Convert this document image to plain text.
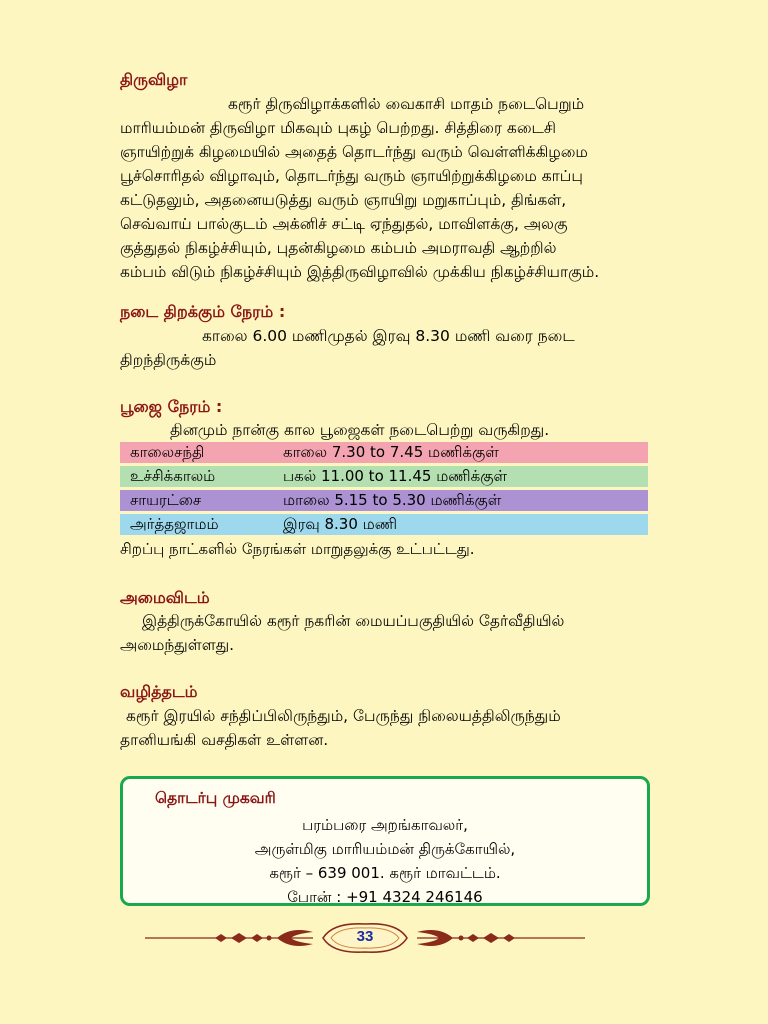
திருவிழா
கரூர் திருவிழாக்களில் வைகாசி மாதம் நடைபெறும்
மாரியம்மன் திருவிழா மிகவும் புகழ் பெற்றது. சித்திரை கடைசி
ஞாயிற்றுக் கிழமையில் அதைத் தொடர்ந்து வரும் வெள்ளிக்கிழமை
பூச்சொரிதல் விழாவும், தொடர்ந்து வரும் ஞாயிற்றுக்கிழமை காப்பு
கட்டுதலும், அதனையடுத்து வரும் ஞாயிறு மறுகாப்பும், திங்கள்,
செவ்வாய் பால்குடம் அக்னிச் சட்டி ஏந்துதல், மாவிளக்கு, அலகு
குத்துதல் நிகழ்ச்சியும், புதன்கிழமை கம்பம் அமராவதி ஆற்றில்
கம்பம் விடும் நிகழ்ச்சியும் இத்திருவிழாவில் முக்கிய நிகழ்ச்சியாகும்.
நடை திறக்கும் நேரம் :
காலை 6.00 மணிமுதல் இரவு 8.30 மணி வரை நடை
திறந்திருக்கும்
பூஜை நேரம் :
தினமும் நான்கு கால பூஜைகள் நடைபெற்று வருகிறது.
காலைசந்தி	காலை 7.30 to 7.45 மணிக்குள்
உச்சிக்காலம்	பகல் 11.00 to 11.45 மணிக்குள்
சாயரட்சை	மாலை 5.15 to 5.30 மணிக்குள்
அர்த்தஜாமம்	இரவு 8.30 மணி
சிறப்பு நாட்களில் நேரங்கள் மாறுதலுக்கு உட்பட்டது.
அமைவிடம்
இத்திருக்கோயில் கரூர் நகரின் மையப்பகுதியில் தேர்வீதியில்
அமைந்துள்ளது.
வழித்தடம்
கரூர் இரயில் சந்திப்பிலிருந்தும், பேருந்து நிலையத்திலிருந்தும்
தானியங்கி வசதிகள் உள்ளன.
தொடர்பு முகவரி
பரம்பரை அறங்காவலர்,
அருள்மிகு மாரியம்மன் திருக்கோயில்,
கரூர் – 639 001. கரூர் மாவட்டம்.
போன் : +91 4324 246146
33
